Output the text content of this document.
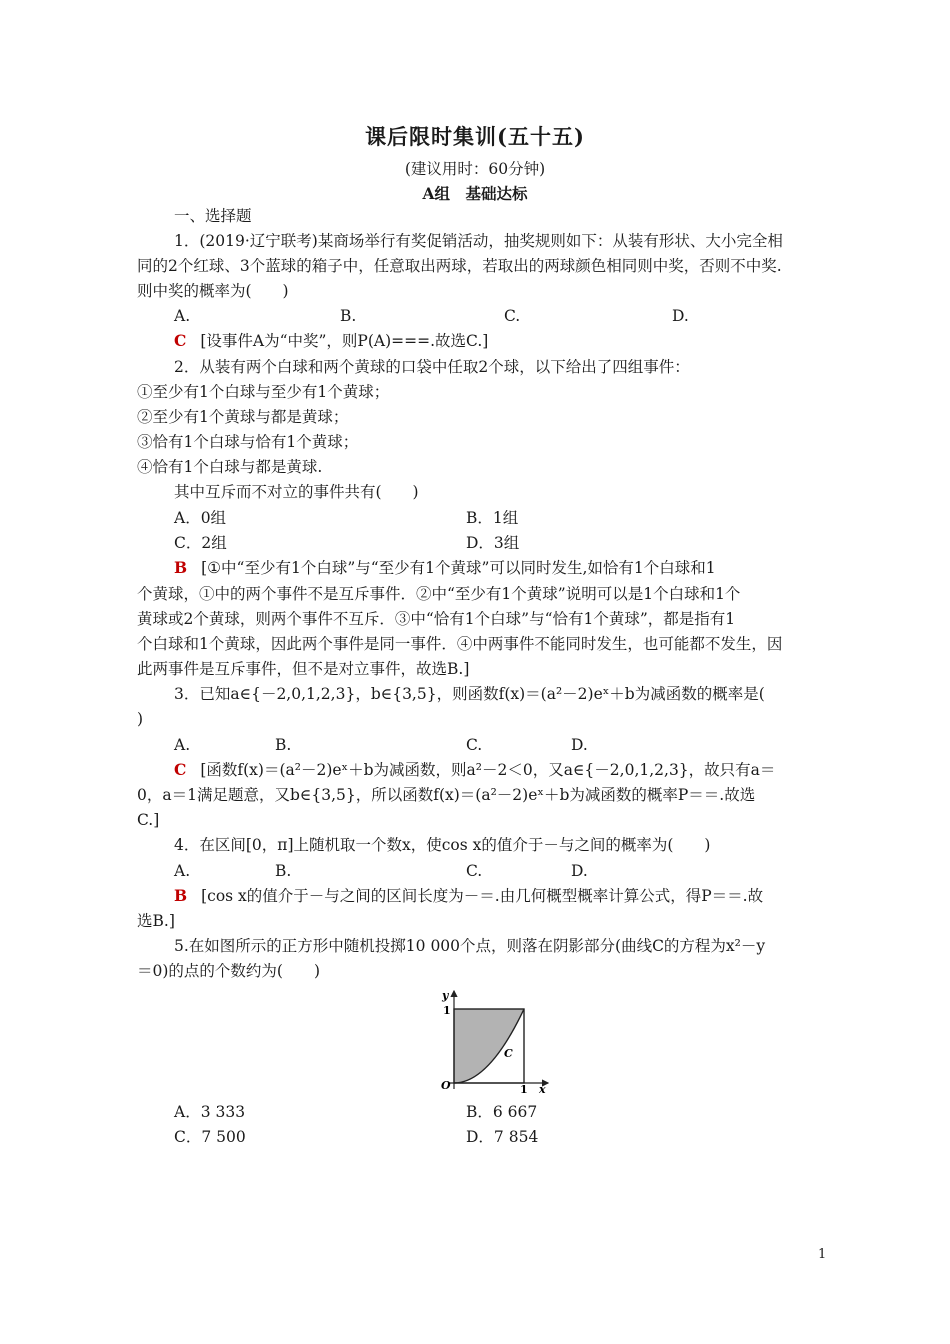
课后限时集训(五十五)
(建议用时：60分钟)
A组　基础达标
一、选择题
1．(2019·辽宁联考)某商场举行有奖促销活动，抽奖规则如下：从装有形状、大小完全相
同的2个红球、3个蓝球的箱子中，任意取出两球，若取出的两球颜色相同则中奖，否则不中奖.
则中奖的概率为(　　)
A.	B.	C.	D.
C [设事件A为“中奖”，则P(A)===.故选C.]
2．从装有两个白球和两个黄球的口袋中任取2个球，以下给出了四组事件：
①至少有1个白球与至少有1个黄球；
②至少有1个黄球与都是黄球；
③恰有1个白球与恰有1个黄球；
④恰有1个白球与都是黄球.
其中互斥而不对立的事件共有(　　)
A．0组	B．1组
C．2组	D．3组
B [①中“至少有1个白球”与“至少有1个黄球”可以同时发生,如恰有1个白球和1
个黄球，①中的两个事件不是互斥事件．②中“至少有1个黄球”说明可以是1个白球和1个
黄球或2个黄球，则两个事件不互斥．③中“恰有1个白球”与“恰有1个黄球”，都是指有1
个白球和1个黄球，因此两个事件是同一事件．④中两事件不能同时发生，也可能都不发生，因
此两事件是互斥事件，但不是对立事件，故选B.]
3．已知a∈{－2,0,1,2,3}，b∈{3,5}，则函数f(x)＝(a²－2)eˣ＋b为减函数的概率是(
)
A.	B.	C.	D.
C [函数f(x)＝(a²－2)eˣ＋b为减函数，则a²－2＜0，又a∈{－2,0,1,2,3}，故只有a＝
0，a＝1满足题意，又b∈{3,5}，所以函数f(x)＝(a²－2)eˣ＋b为减函数的概率P＝＝.故选
C.]
4．在区间[0，π]上随机取一个数x，使cos x的值介于－与之间的概率为(　　)
A.	B.	C.	D.
B [cos x的值介于－与之间的区间长度为－＝.由几何概型概率计算公式，得P＝＝.故
选B.]
5.在如图所示的正方形中随机投掷10 000个点，则落在阴影部分(曲线C的方程为x²－y
＝0)的点的个数约为(　　)
y
x
O
1
1
C
A．3 333	B．6 667
C．7 500	D．7 854
1
